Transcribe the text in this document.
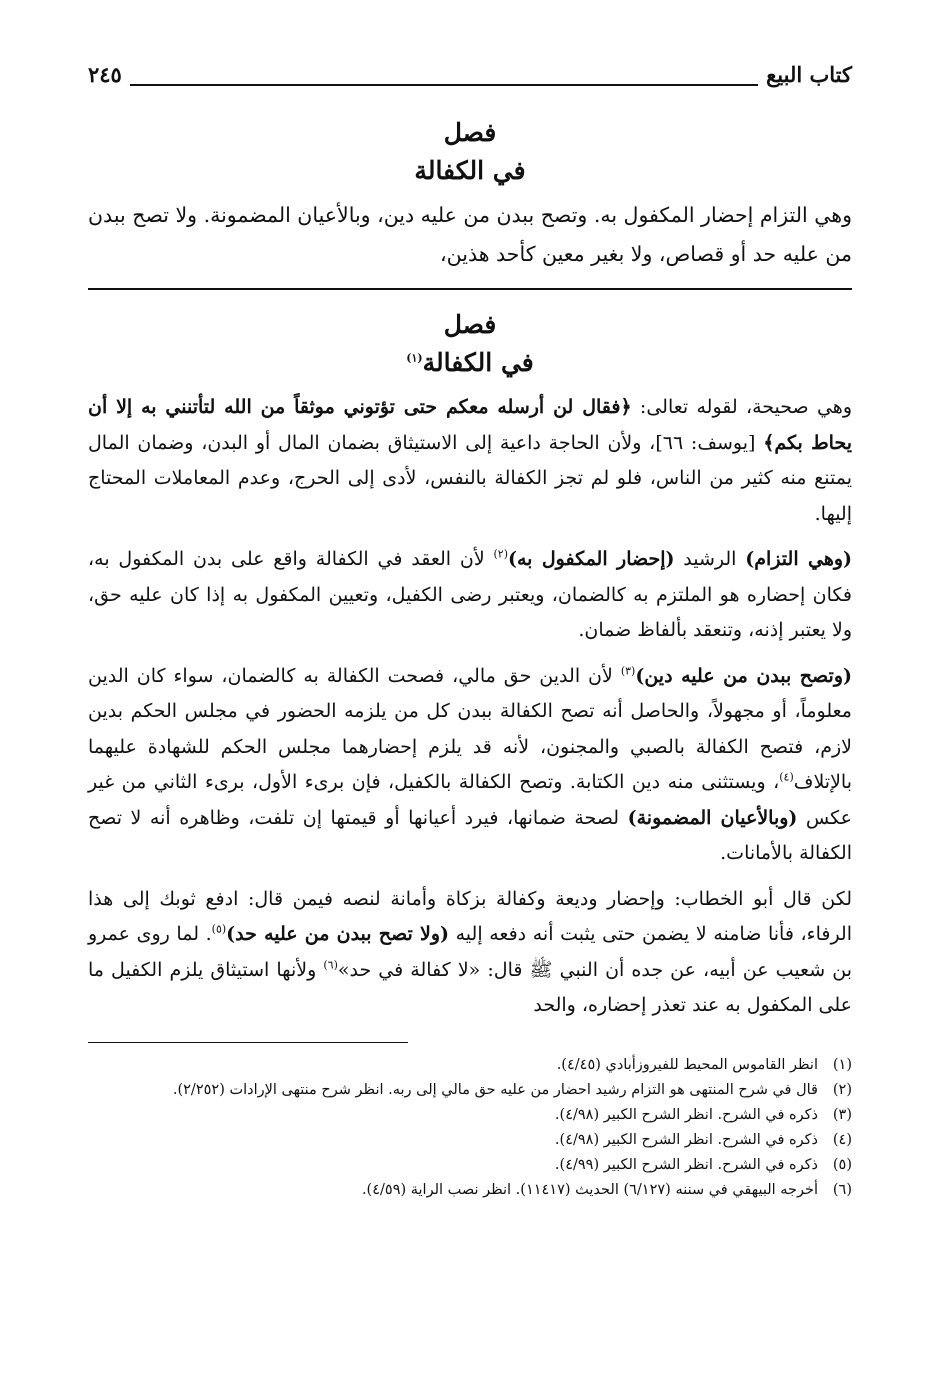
كتاب البيع
٢٤٥
فصل
في الكفالة
وهي التزام إحضار المكفول به. وتصح ببدن من عليه دين، وبالأعيان المضمونة. ولا تصح ببدن من عليه حد أو قصاص، ولا بغير معين كأحد هذين،
فصل
في الكفالة$^{(١)}$

وهي صحيحة، لقوله تعالى: ﴿فقال لن أرسله معكم حتى تؤتوني موثقاً من الله لتأتنني به إلا أن يحاط بكم﴾ [يوسف: ٦٦]، ولأن الحاجة داعية إلى الاستيثاق بضمان المال أو البدن، وضمان المال يمتنع منه كثير من الناس، فلو لم تجز الكفالة بالنفس، لأدى إلى الحرج، وعدم المعاملات المحتاج إليها.

(وهي التزام) الرشيد (إحضار المكفول به)$^{(٢)}$ لأن العقد في الكفالة واقع على بدن المكفول به، فكان إحضاره هو الملتزم به كالضمان، ويعتبر رضى الكفيل، وتعيين المكفول به إذا كان عليه حق، ولا يعتبر إذنه، وتنعقد بألفاظ ضمان.

(وتصح ببدن من عليه دين)$^{(٣)}$ لأن الدين حق مالي، فصحت الكفالة به كالضمان، سواء كان الدين معلوماً، أو مجهولاً، والحاصل أنه تصح الكفالة ببدن كل من يلزمه الحضور في مجلس الحكم بدين لازم، فتصح الكفالة بالصبي والمجنون، لأنه قد يلزم إحضارهما مجلس الحكم للشهادة عليهما بالإتلاف$^{(٤)}$، ويستثنى منه دين الكتابة. وتصح الكفالة بالكفيل، فإن برىء الأول، برىء الثاني من غير عكس (وبالأعيان المضمونة) لصحة ضمانها، فيرد أعيانها أو قيمتها إن تلفت، وظاهره أنه لا تصح الكفالة بالأمانات.

لكن قال أبو الخطاب: وإحضار وديعة وكفالة بزكاة وأمانة لنصه فيمن قال: ادفع ثوبك إلى هذا الرفاء، فأنا ضامنه لا يضمن حتى يثبت أنه دفعه إليه (ولا تصح ببدن من عليه حد)$^{(٥)}$. لما روى عمرو بن شعيب عن أبيه، عن جده أن النبي ﷺ قال: «لا كفالة في حد»$^{(٦)}$ ولأنها استيثاق يلزم الكفيل ما على المكفول به عند تعذر إحضاره، والحد

(١)
انظر القاموس المحيط للفيروزأبادي (٤/٤٥).
(٢)
قال في شرح المنتهى هو التزام رشيد احضار من عليه حق مالي إلى ربه. انظر شرح منتهى الإرادات (٢/٢٥٢).
(٣)
ذكره في الشرح. انظر الشرح الكبير (٤/٩٨).
(٤)
ذكره في الشرح. انظر الشرح الكبير (٤/٩٨).
(٥)
ذكره في الشرح. انظر الشرح الكبير (٤/٩٩).
(٦)
أخرجه البيهقي في سننه (٦/١٢٧) الحديث (١١٤١٧). انظر نصب الراية (٤/٥٩).
